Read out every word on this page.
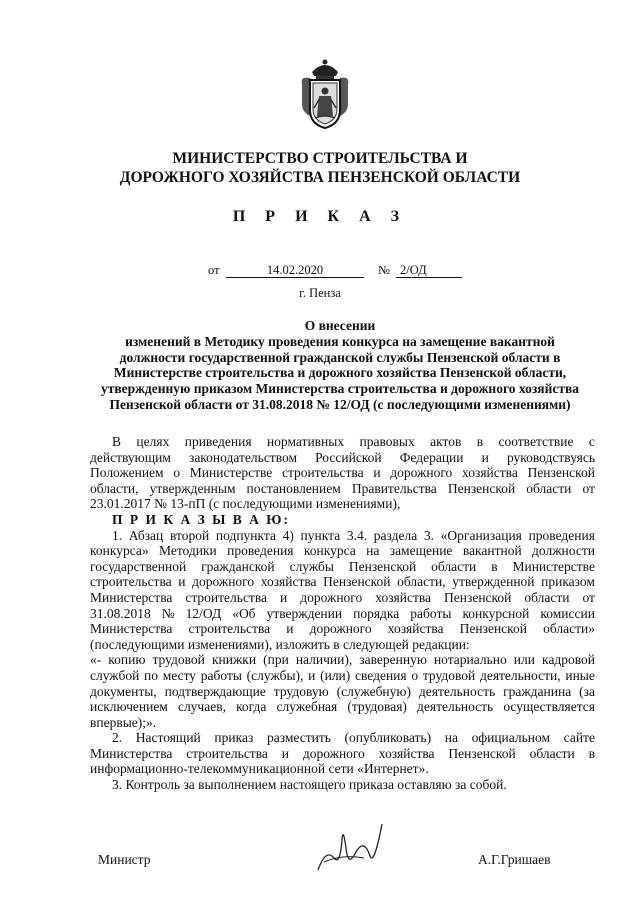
МИНИСТЕРСТВО СТРОИТЕЛЬСТВА И
ДОРОЖНОГО ХОЗЯЙСТВА ПЕНЗЕНСКОЙ ОБЛАСТИ
П Р И К А З
от	14.02.2020	№ 2/ОД
г. Пенза
О внесении
изменений в Методику проведения конкурса на замещение вакантной
должности государственной гражданской службы Пензенской области в
Министерстве строительства и дорожного хозяйства Пензенской области,
утвержденную приказом Министерства строительства и дорожного хозяйства
Пензенской области от 31.08.2018 № 12/ОД (с последующими изменениями)
В целях приведения нормативных правовых актов в соответствие с
действующим законодательством Российской Федерации и руководствуясь
Положением о Министерстве строительства и дорожного хозяйства Пензенской
области, утвержденным постановлением Правительства Пензенской области от
23.01.2017 № 13-пП (с последующими изменениями),
П Р И К А З Ы В А Ю:
1. Абзац второй подпункта 4) пункта 3.4. раздела 3. «Организация проведения
конкурса» Методики проведения конкурса на замещение вакантной должности
государственной гражданской службы Пензенской области в Министерстве
строительства и дорожного хозяйства Пензенской области, утвержденной приказом
Министерства строительства и дорожного хозяйства Пензенской области от
31.08.2018 № 12/ОД «Об утверждении порядка работы конкурсной комиссии
Министерства строительства и дорожного хозяйства Пензенской области»
(последующими изменениями), изложить в следующей редакции:
«- копию трудовой книжки (при наличии), заверенную нотариально или кадровой
службой по месту работы (службы), и (или) сведения о трудовой деятельности, иные
документы, подтверждающие трудовую (служебную) деятельность гражданина (за
исключением случаев, когда служебная (трудовая) деятельность осуществляется
впервые);».
2. Настоящий приказ разместить (опубликовать) на официальном сайте
Министерства строительства и дорожного хозяйства Пензенской области в
информационно-телекоммуникационной сети «Интернет».
3. Контроль за выполнением настоящего приказа оставляю за собой.
Министр	А.Г.Гришаев
